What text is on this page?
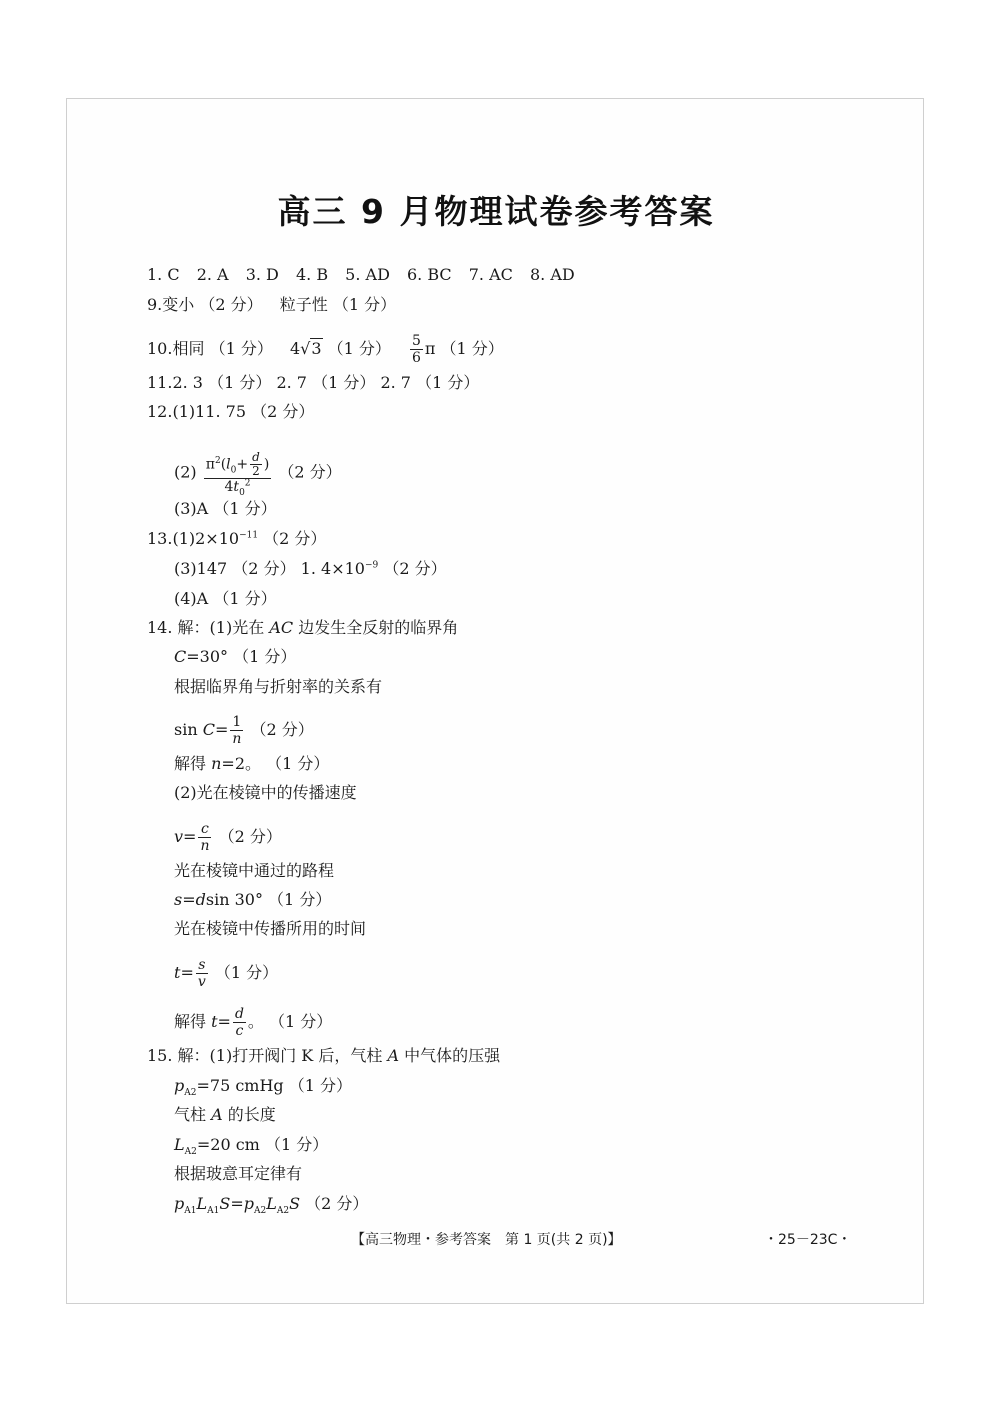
高三 9 月物理试卷参考答案
1. C 2. A 3. D 4. B 5. AD 6. BC 7. AC 8. AD
9.变小 （2 分） 粒子性 （1 分）
10.相同 （1 分） 4√3 （1 分） $\frac{5}{6}$ π （1 分）
11.2. 3 （1 分） 2. 7 （1 分） 2. 7 （1 分）
12.(1)11. 75 （2 分）
$(2) \frac{\pi^2(l_0+ \frac{d}{2} )}{4t_0^2} (2$ 分）
(3)A （1 分）
$13.(1)2\times 10^{-11}$ （2 分）
(3)147 （2 分） 1. $4\times 10^{-9}$ （2 分）
(4)A （1 分）
14. 解：(1)光在 AC 边发生全反射的临界角
C=30° （1 分）
根据临界角与折射率的关系有
$\sin C= \frac{1}{n} (2$ 分）
解得 n=2。 （1 分）
(2)光在棱镜中的传播速度
$v= \frac{c}{n} (2$ 分）
光在棱镜中通过的路程
s=dsin 30° （1 分）
光在棱镜中传播所用的时间
$t= \frac{s}{v} (1$ 分）
解得 $t= \frac{d}{c}$ 。 （1 分）
15. 解：(1)打开阀门 K 后，气柱 A 中气体的压强
$p_{A2}=75$ cmHg （1 分）
气柱 A 的长度
$L_{A2}=20$ cm （1 分）
根据玻意耳定律有
$p_{A1}L_{A1}S=p_{A2}L_{A2}S$ （2 分）
【高三物理・参考答案　第 1 页(共 2 页)】	・25－23C・
